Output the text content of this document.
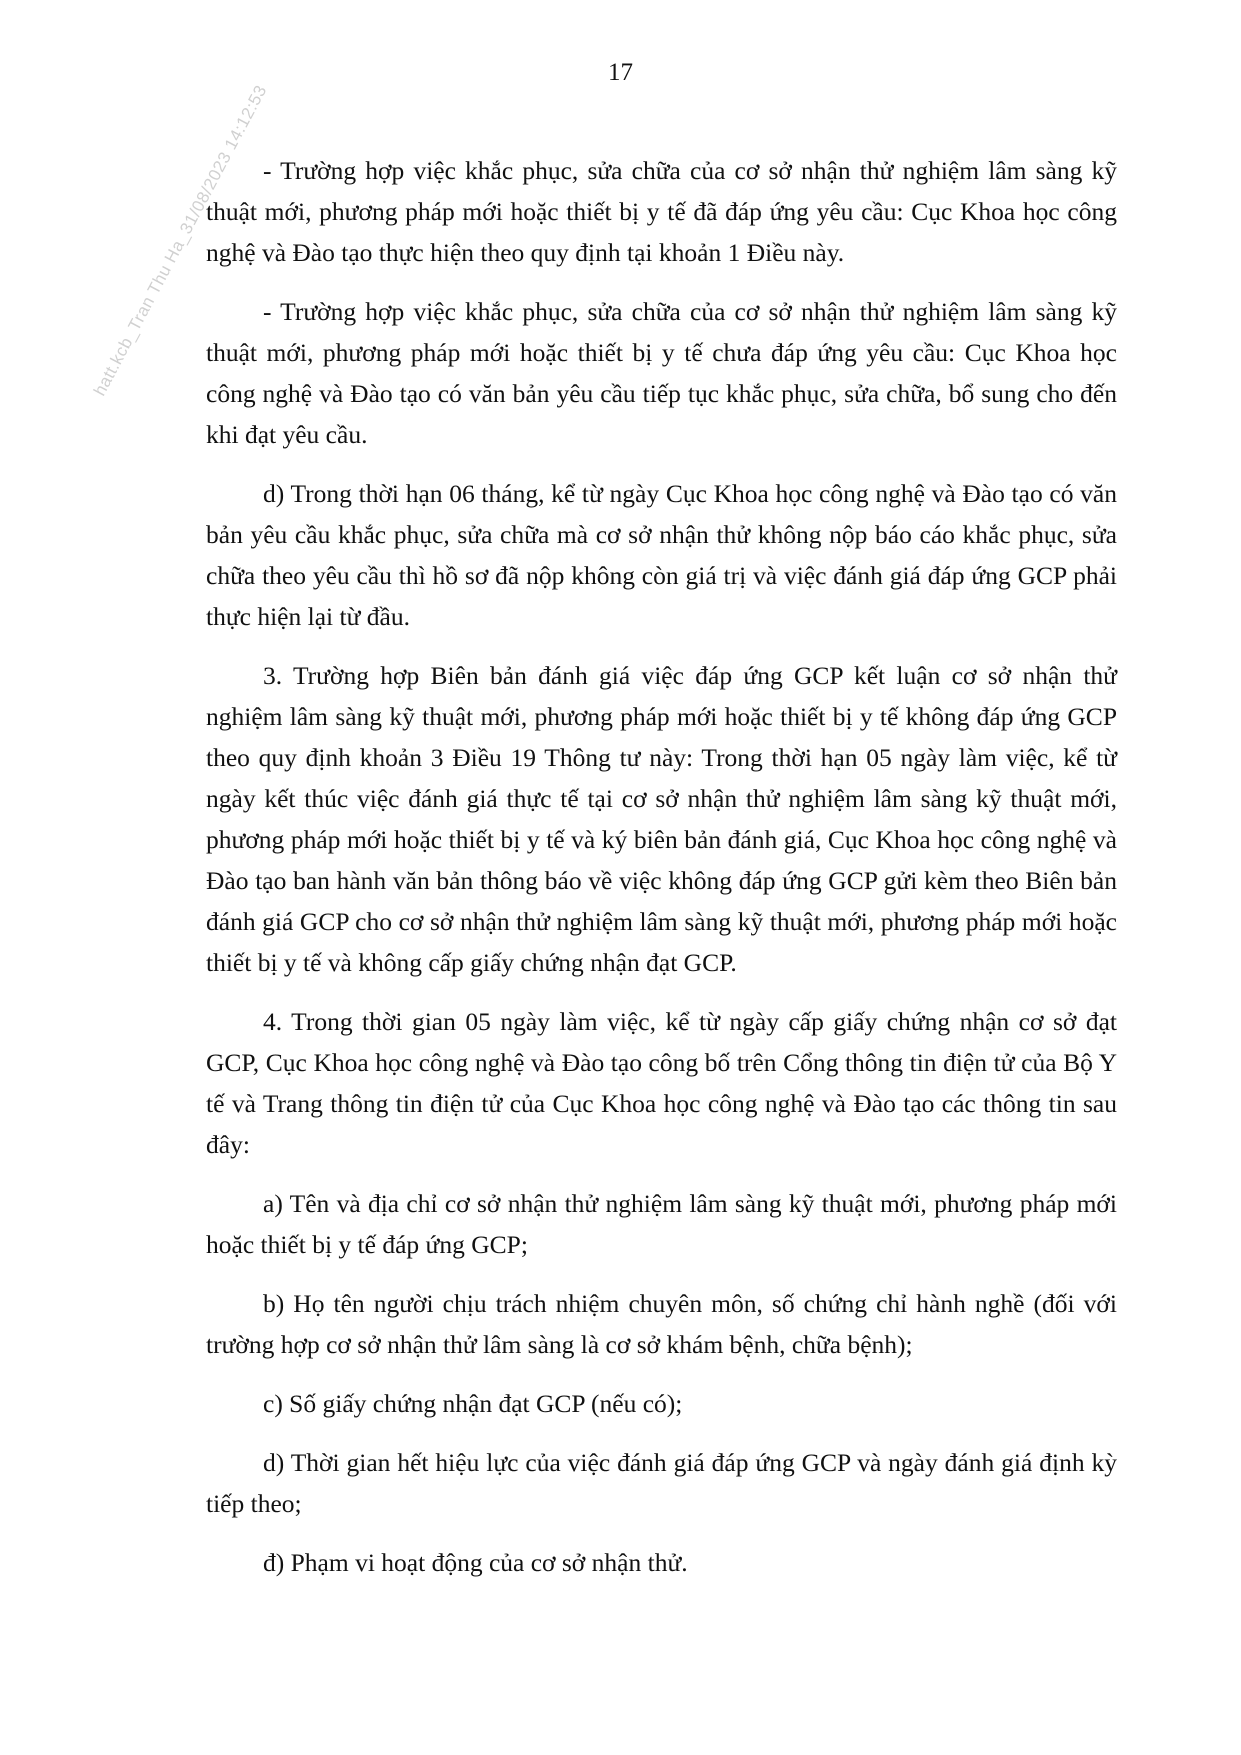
17
hatt.kcb_Tran Thu Ha_31/08/2023 14:12:53

- Trường hợp việc khắc phục, sửa chữa của cơ sở nhận thử nghiệm lâm sàng kỹ thuật mới, phương pháp mới hoặc thiết bị y tế đã đáp ứng yêu cầu: Cục Khoa học công nghệ và Đào tạo thực hiện theo quy định tại khoản 1 Điều này.

- Trường hợp việc khắc phục, sửa chữa của cơ sở nhận thử nghiệm lâm sàng kỹ thuật mới, phương pháp mới hoặc thiết bị y tế chưa đáp ứng yêu cầu: Cục Khoa học công nghệ và Đào tạo có văn bản yêu cầu tiếp tục khắc phục, sửa chữa, bổ sung cho đến khi đạt yêu cầu.

d) Trong thời hạn 06 tháng, kể từ ngày Cục Khoa học công nghệ và Đào tạo có văn bản yêu cầu khắc phục, sửa chữa mà cơ sở nhận thử không nộp báo cáo khắc phục, sửa chữa theo yêu cầu thì hồ sơ đã nộp không còn giá trị và việc đánh giá đáp ứng GCP phải thực hiện lại từ đầu.

3. Trường hợp Biên bản đánh giá việc đáp ứng GCP kết luận cơ sở nhận thử nghiệm lâm sàng kỹ thuật mới, phương pháp mới hoặc thiết bị y tế không đáp ứng GCP theo quy định khoản 3 Điều 19 Thông tư này: Trong thời hạn 05 ngày làm việc, kể từ ngày kết thúc việc đánh giá thực tế tại cơ sở nhận thử nghiệm lâm sàng kỹ thuật mới, phương pháp mới hoặc thiết bị y tế và ký biên bản đánh giá, Cục Khoa học công nghệ và Đào tạo ban hành văn bản thông báo về việc không đáp ứng GCP gửi kèm theo Biên bản đánh giá GCP cho cơ sở nhận thử nghiệm lâm sàng kỹ thuật mới, phương pháp mới hoặc thiết bị y tế và không cấp giấy chứng nhận đạt GCP.

4. Trong thời gian 05 ngày làm việc, kể từ ngày cấp giấy chứng nhận cơ sở đạt GCP, Cục Khoa học công nghệ và Đào tạo công bố trên Cổng thông tin điện tử của Bộ Y tế và Trang thông tin điện tử của Cục Khoa học công nghệ và Đào tạo các thông tin sau đây:

a) Tên và địa chỉ cơ sở nhận thử nghiệm lâm sàng kỹ thuật mới, phương pháp mới hoặc thiết bị y tế đáp ứng GCP;

b) Họ tên người chịu trách nhiệm chuyên môn, số chứng chỉ hành nghề (đối với trường hợp cơ sở nhận thử lâm sàng là cơ sở khám bệnh, chữa bệnh);

c) Số giấy chứng nhận đạt GCP (nếu có);

d) Thời gian hết hiệu lực của việc đánh giá đáp ứng GCP và ngày đánh giá định kỳ tiếp theo;

đ) Phạm vi hoạt động của cơ sở nhận thử.
